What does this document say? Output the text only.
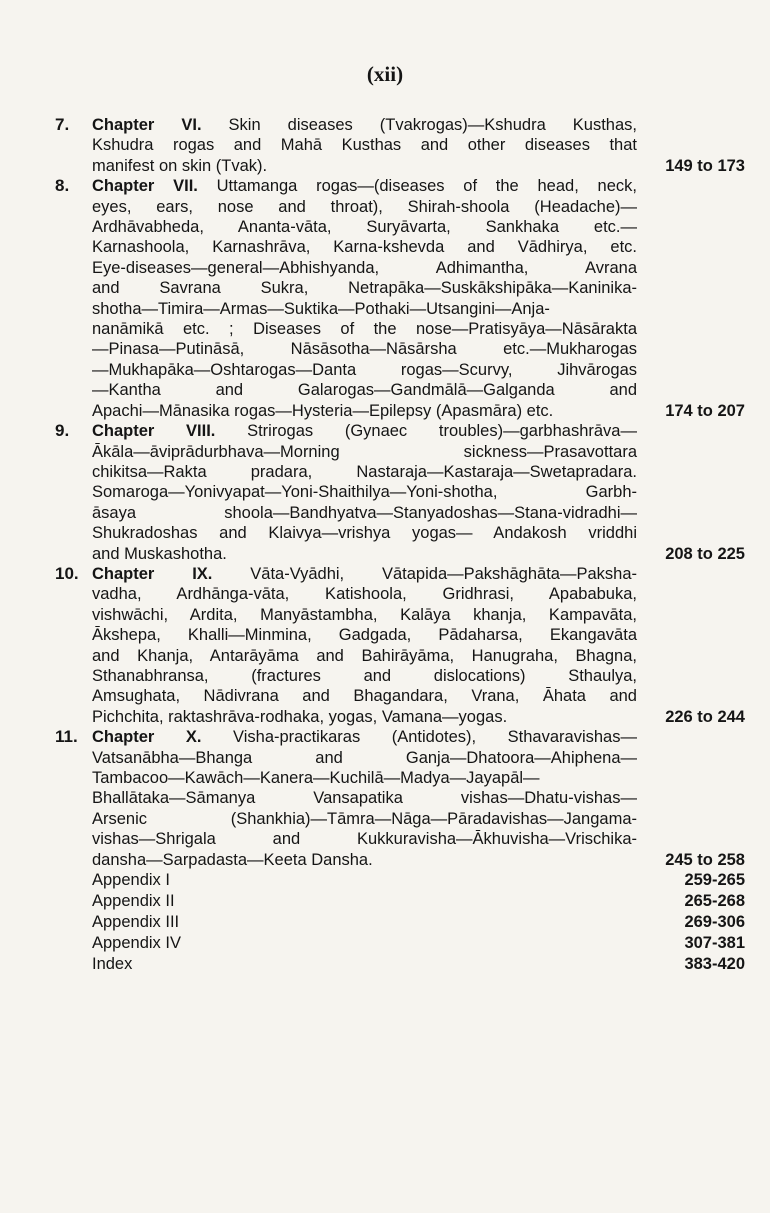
(xii)
7.	Chapter VI. Skin diseases (Tvakrogas)—Kshudra Kusthas,
Kshudra rogas and Mahā Kusthas and other diseases that
manifest on skin (Tvak).	149 to 173
8.	Chapter VII. Uttamanga rogas—(diseases of the head, neck,
eyes, ears, nose and throat), Shirah-shoola (Headache)—
Ardhāvabheda, Ananta-vāta, Suryāvarta, Sankhaka etc.—
Karnashoola, Karnashrāva, Karna-kshevda and Vādhirya, etc.
Eye-diseases—general—Abhishyanda, Adhimantha, Avrana
and Savrana Sukra, Netrapāka—Suskākshipāka—Kaninika-
shotha—Timira—Armas—Suktika—Pothaki—Utsangini—Anja-
nanāmikā etc. ; Diseases of the nose—Pratisyāya—Nāsārakta
—Pinasa—Putināsā, Nāsāsotha—Nāsārsha etc.—Mukharogas
—Mukhapāka—Oshtarogas—Danta rogas—Scurvy, Jihvārogas
—Kantha and Galarogas—Gandmālā—Galganda and
Apachi—Mānasika rogas—Hysteria—Epilepsy (Apasmāra) etc.	174 to 207
9.	Chapter VIII. Strirogas (Gynaec troubles)—garbhashrāva—
Ākāla—āviprādurbhava—Morning sickness—Prasavottara
chikitsa—Rakta pradara, Nastaraja—Kastaraja—Swetapradara.
Somaroga—Yonivyapat—Yoni-Shaithilya—Yoni-shotha, Garbh-
āsaya shoola—Bandhyatva—Stanyadoshas—Stana-vidradhi—
Shukradoshas and Klaivya—vrishya yogas— Andakosh vriddhi
and Muskashotha.	208 to 225
10. Chapter IX. Vāta-Vyādhi, Vātapida—Pakshāghāta—Paksha-
vadha, Ardhānga-vāta, Katishoola, Gridhrasi, Apababuka,
vishwāchi, Ardita, Manyāstambha, Kalāya khanja, Kampavāta,
Ākshepa, Khalli—Minmina, Gadgada, Pādaharsa, Ekangavāta
and Khanja, Antarāyāma and Bahirāyāma, Hanugraha, Bhagna,
Sthanabhransa, (fractures and dislocations) Sthaulya,
Amsughata, Nādivrana and Bhagandara, Vrana, Āhata and
Pichchita, raktashrāva-rodhaka, yogas, Vamana—yogas.	226 to 244
11. Chapter X. Visha-practikaras (Antidotes), Sthavaravishas—
Vatsanābha—Bhanga and Ganja—Dhatoora—Ahiphena—
Tambacoo—Kawāch—Kanera—Kuchilā—Madya—Jayapāl—
Bhallātaka—Sāmanya Vansapatika vishas—Dhatu-vishas—
Arsenic (Shankhia)—Tāmra—Nāga—Pāradavishas—Jangama-
vishas—Shrigala and Kukkuravisha—Ākhuvisha—Vrischika-
dansha—Sarpadasta—Keeta Dansha.	245 to 258
Appendix I	259-265
Appendix II	265-268
Appendix III	269-306
Appendix IV	307-381
Index	383-420
